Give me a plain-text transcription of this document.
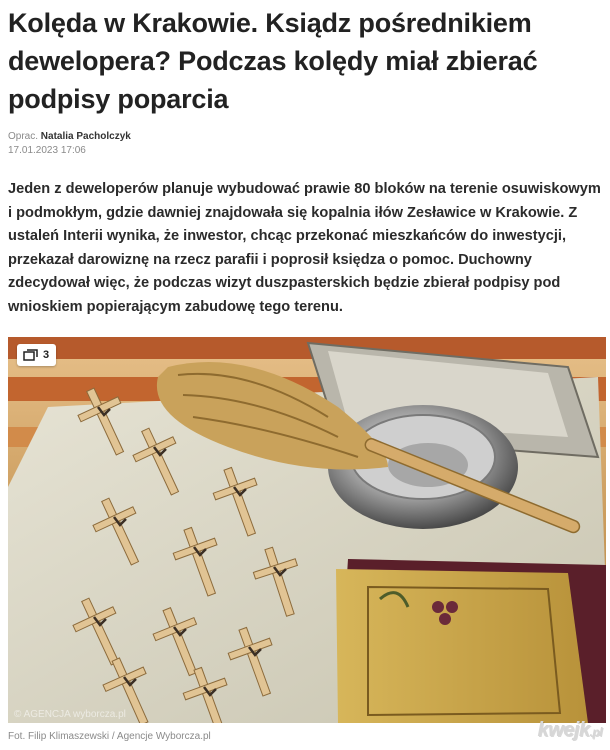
Kolęda w Krakowie. Ksiądz pośrednikiem dewelopera? Podczas kolędy miał zbierać podpisy poparcia
Oprac. Natalia Pacholczyk
17.01.2023 17:06

Jeden z deweloperów planuje wybudować prawie 80 bloków na terenie osuwiskowym i podmokłym, gdzie dawniej znajdowała się kopalnia iłów Zesławice w Krakowie. Z ustaleń Interii wynika, że inwestor, chcąc przekonać mieszkańców do inwestycji, przekazał darowiznę na rzecz parafii i poprosił księdza o pomoc. Duchowny zdecydował więc, że podczas wizyt duszpasterskich będzie zbierał podpisy pod wnioskiem popierającym zabudowę tego terenu.

3
© AGENCJA wyborcza.pl
Fot. Filip Klimaszewski / Agencje Wyborcza.pl	kwejk.pl
